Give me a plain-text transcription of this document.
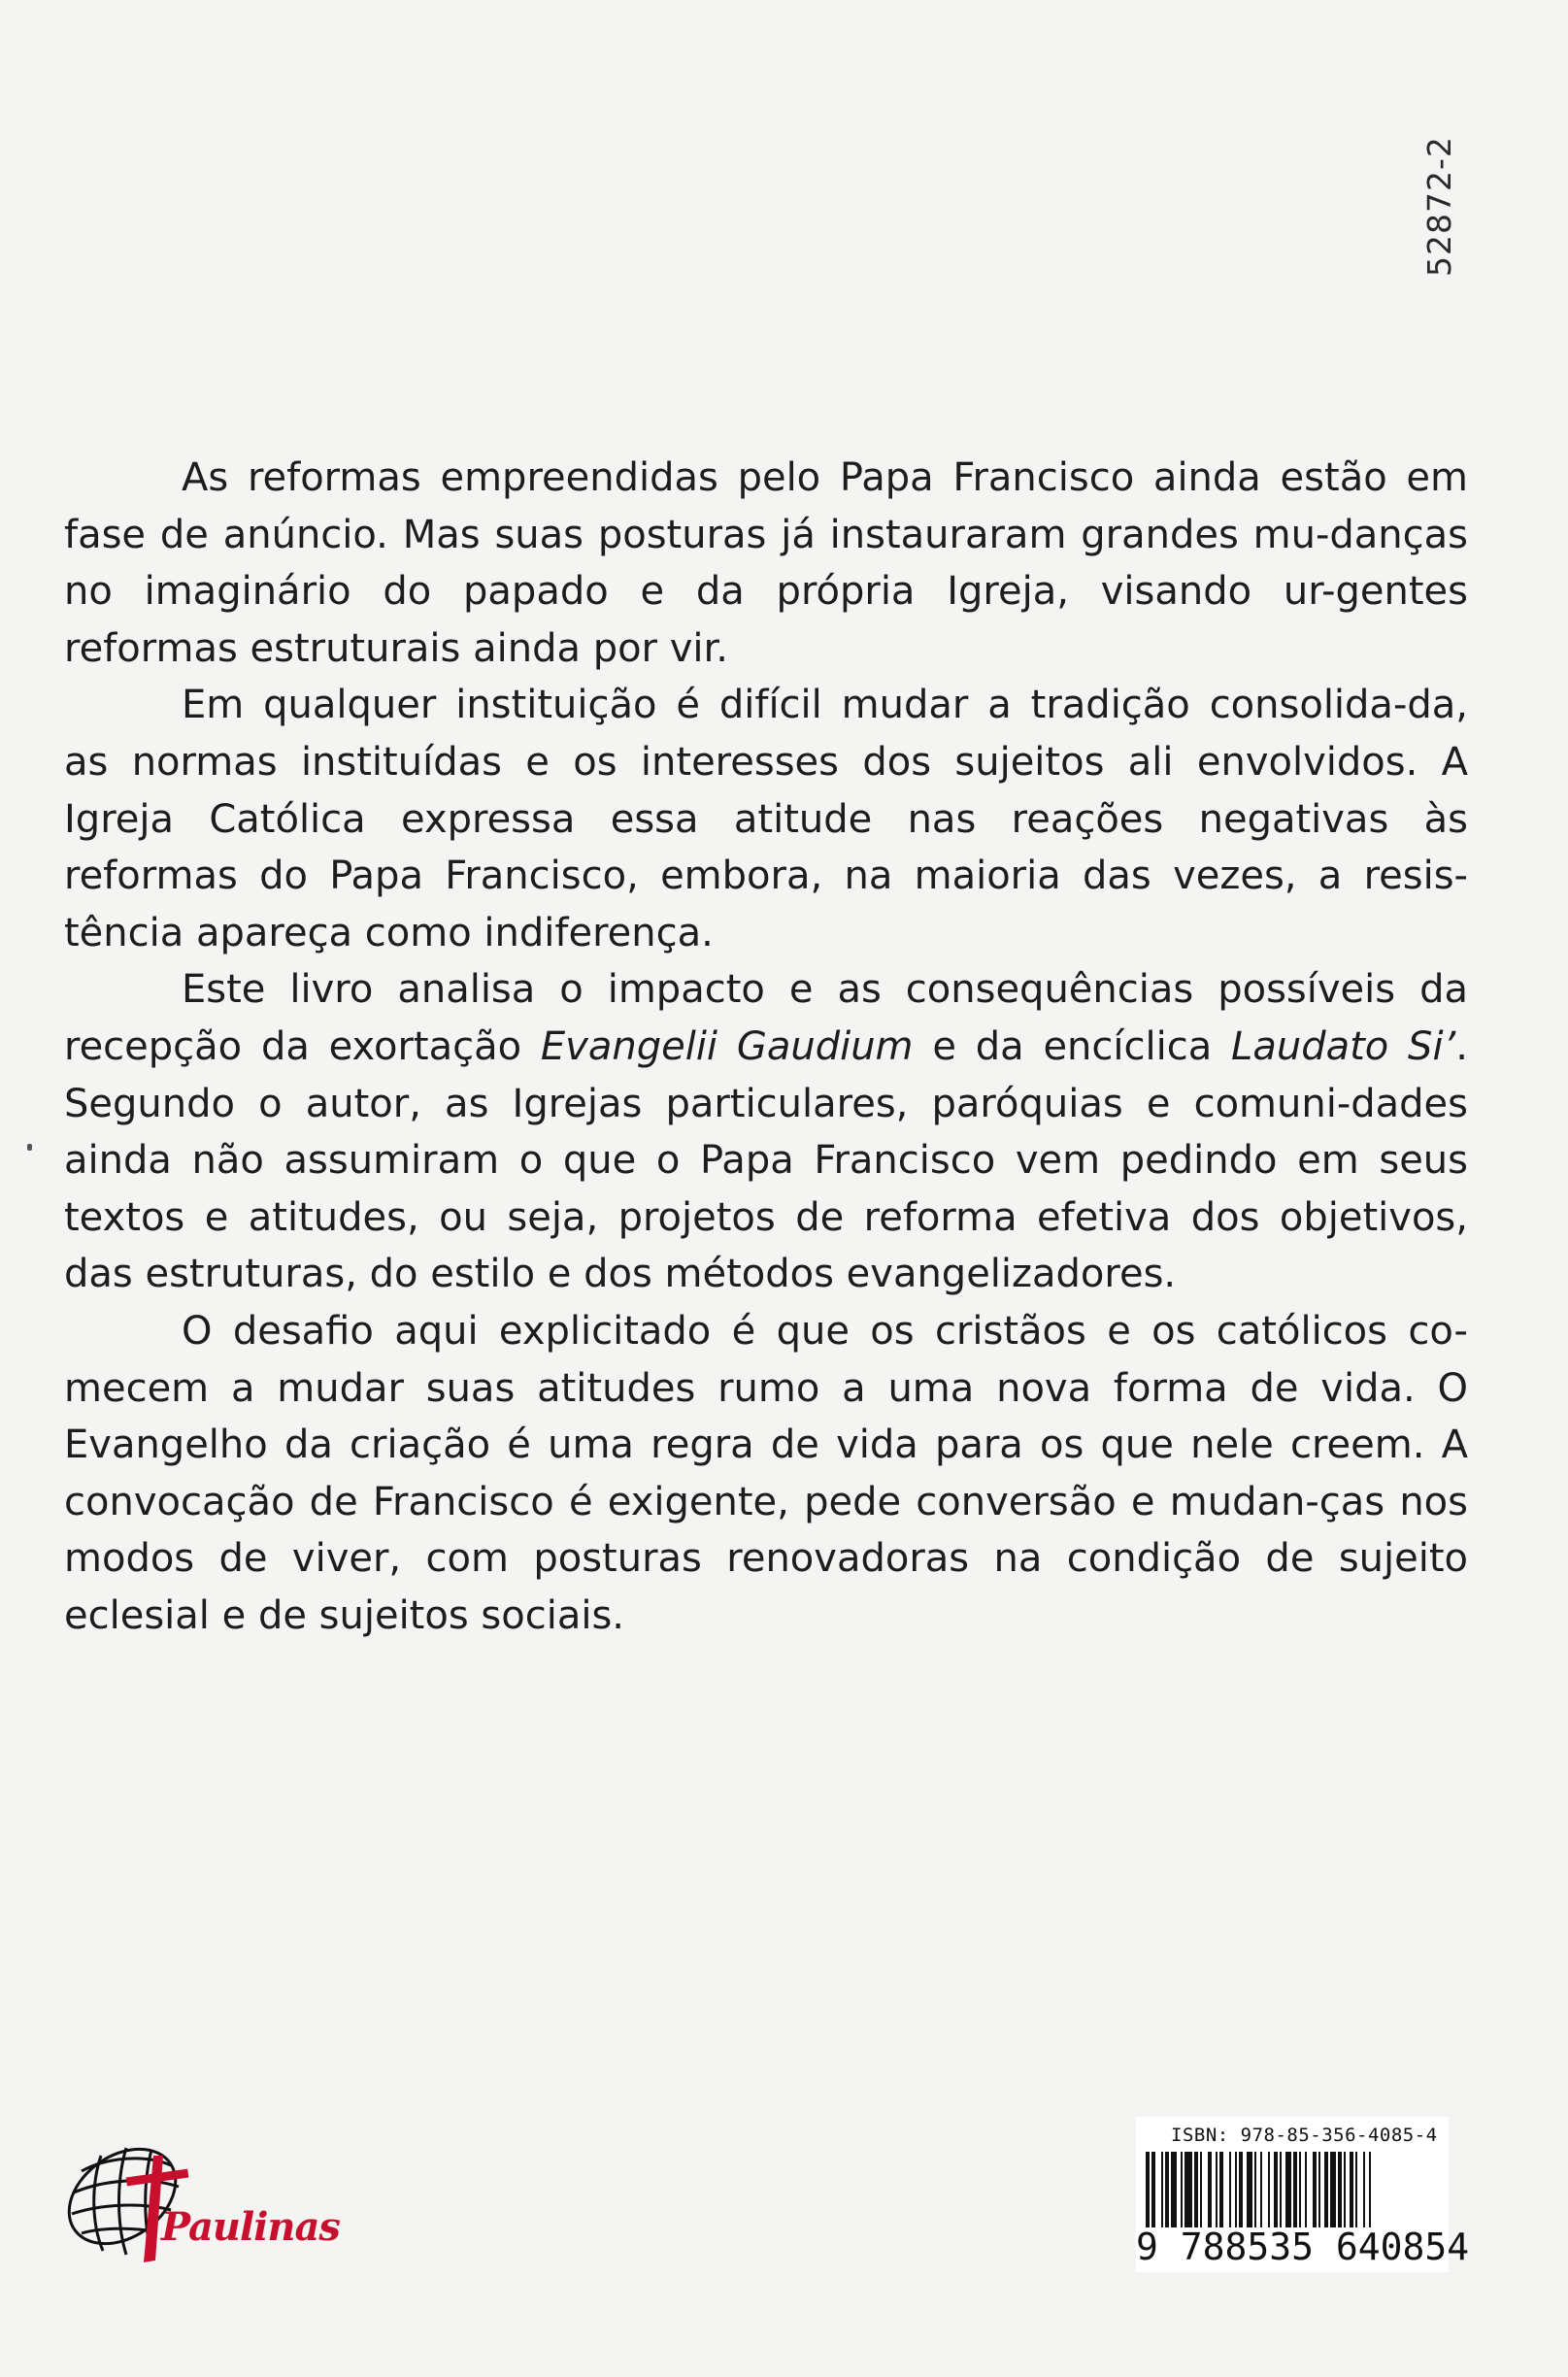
52872-2

As reformas empreendidas pelo Papa Francisco ainda estão em fase de anúncio. Mas suas posturas já instauraram grandes mu-danças no imaginário do papado e da própria Igreja, visando ur-gentes reformas estruturais ainda por vir.

Em qualquer instituição é difícil mudar a tradição consolida-da, as normas instituídas e os interesses dos sujeitos ali envolvidos. A Igreja Católica expressa essa atitude nas reações negativas às reformas do Papa Francisco, embora, na maioria das vezes, a resis-tência apareça como indiferença.

Este livro analisa o impacto e as consequências possíveis da recepção da exortação Evangelii Gaudium e da encíclica Laudato Si’. Segundo o autor, as Igrejas particulares, paróquias e comuni-dades ainda não assumiram o que o Papa Francisco vem pedindo em seus textos e atitudes, ou seja, projetos de reforma efetiva dos objetivos, das estruturas, do estilo e dos métodos evangelizadores.

O desafio aqui explicitado é que os cristãos e os católicos co-mecem a mudar suas atitudes rumo a uma nova forma de vida. O Evangelho da criação é uma regra de vida para os que nele creem. A convocação de Francisco é exigente, pede conversão e mudan-ças nos modos de viver, com posturas renovadoras na condição de sujeito eclesial e de sujeitos sociais.

Paulinas
ISBN: 978-85-356-4085-4
9 788535 640854
